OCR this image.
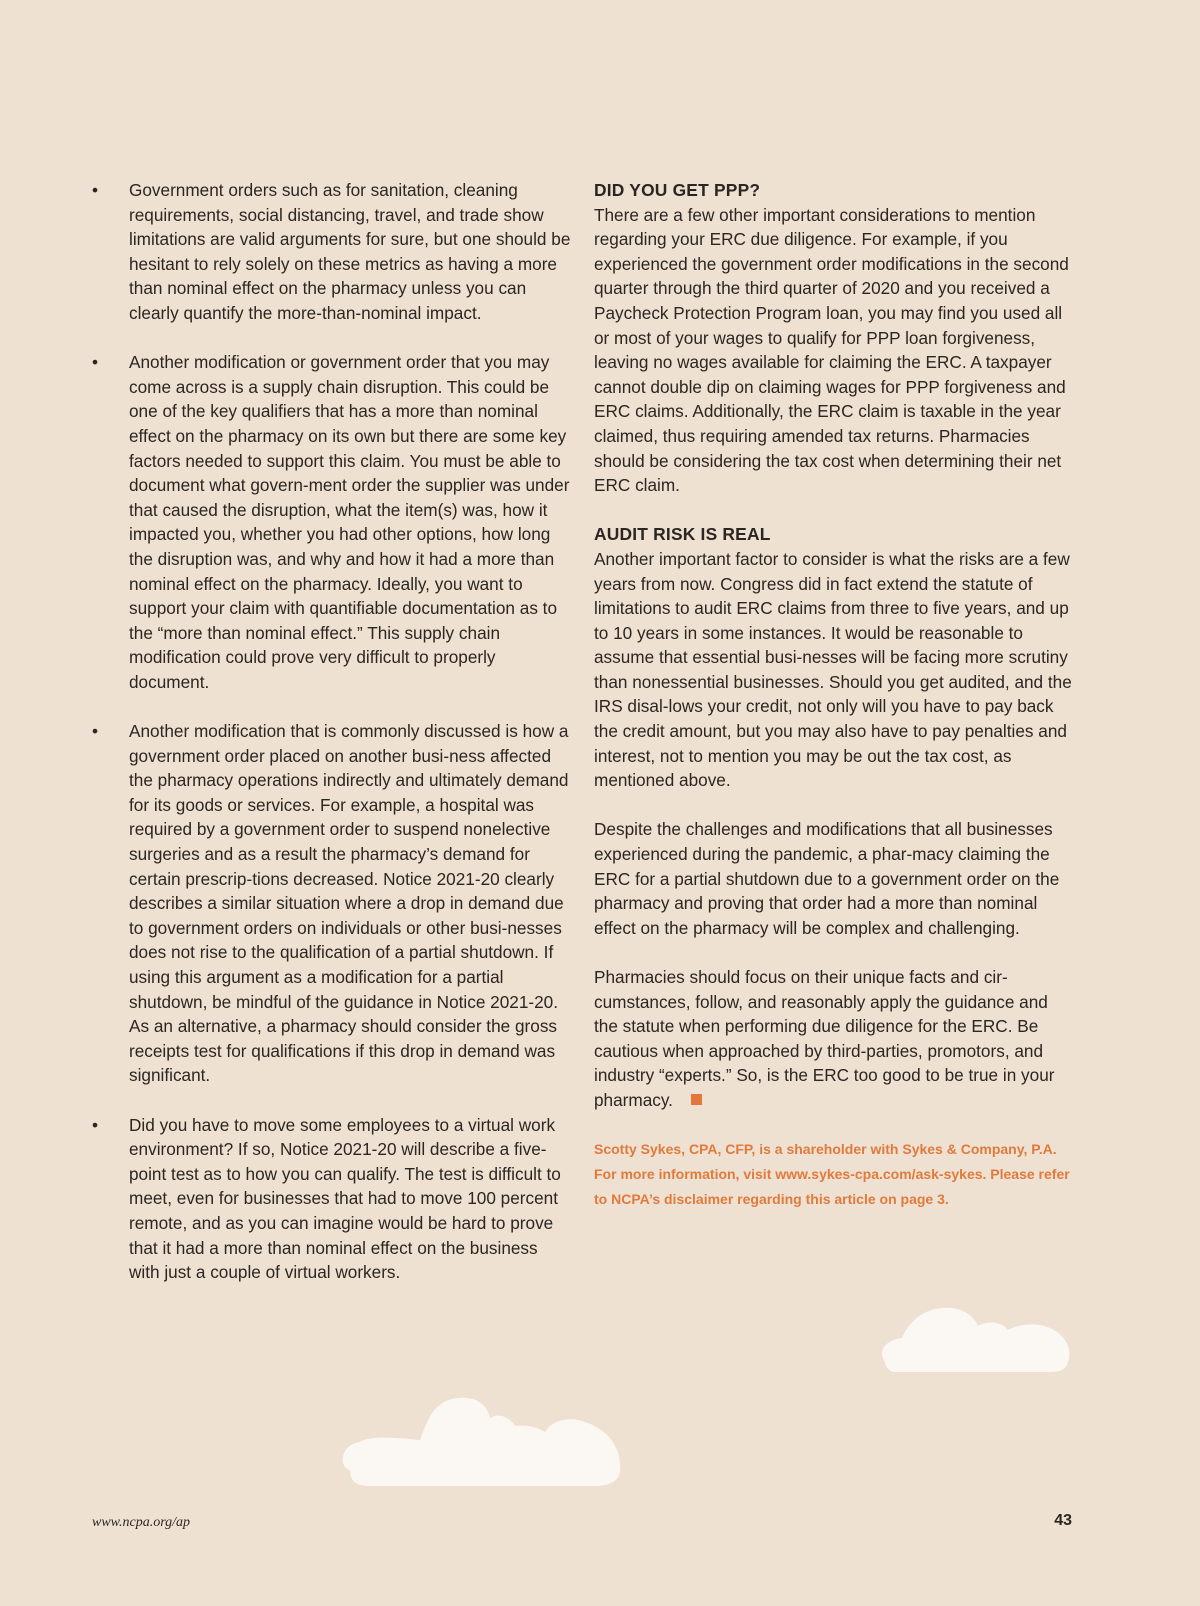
•	Government orders such as for sanitation, cleaning requirements, social distancing, travel, and trade show limitations are valid arguments for sure, but one should be hesitant to rely solely on these metrics as having a more than nominal effect on the pharmacy unless you can clearly quantify the more-than-nominal impact.
•	Another modification or government order that you may come across is a supply chain disruption. This could be one of the key qualifiers that has a more than nominal effect on the pharmacy on its own but there are some key factors needed to support this claim. You must be able to document what govern-ment order the supplier was under that caused the disruption, what the item(s) was, how it impacted you, whether you had other options, how long the disruption was, and why and how it had a more than nominal effect on the pharmacy. Ideally, you want to support your claim with quantifiable documentation as to the “more than nominal effect.” This supply chain modification could prove very difficult to properly document.
•	Another modification that is commonly discussed is how a government order placed on another busi-ness affected the pharmacy operations indirectly and ultimately demand for its goods or services. For example, a hospital was required by a government order to suspend nonelective surgeries and as a result the pharmacy’s demand for certain prescrip-tions decreased. Notice 2021-20 clearly describes a similar situation where a drop in demand due to government orders on individuals or other busi-nesses does not rise to the qualification of a partial shutdown. If using this argument as a modification for a partial shutdown, be mindful of the guidance in Notice 2021-20. As an alternative, a pharmacy should consider the gross receipts test for qualifications if this drop in demand was significant.
•	Did you have to move some employees to a virtual work environment? If so, Notice 2021-20 will describe a five-point test as to how you can qualify. The test is difficult to meet, even for businesses that had to move 100 percent remote, and as you can imagine would be hard to prove that it had a more than nominal effect on the business with just a couple of virtual workers.
DID YOU GET PPP?

There are a few other important considerations to mention regarding your ERC due diligence. For example, if you experienced the government order modifications in the second quarter through the third quarter of 2020 and you received a Paycheck Protection Program loan, you may find you used all or most of your wages to qualify for PPP loan forgiveness, leaving no wages available for claiming the ERC. A taxpayer cannot double dip on claiming wages for PPP forgiveness and ERC claims. Additionally, the ERC claim is taxable in the year claimed, thus requiring amended tax returns. Pharmacies should be considering the tax cost when determining their net ERC claim.

AUDIT RISK IS REAL

Another important factor to consider is what the risks are a few years from now. Congress did in fact extend the statute of limitations to audit ERC claims from three to five years, and up to 10 years in some instances. It would be reasonable to assume that essential busi-nesses will be facing more scrutiny than nonessential businesses. Should you get audited, and the IRS disal-lows your credit, not only will you have to pay back the credit amount, but you may also have to pay penalties and interest, not to mention you may be out the tax cost, as mentioned above.

Despite the challenges and modifications that all businesses experienced during the pandemic, a phar-macy claiming the ERC for a partial shutdown due to a government order on the pharmacy and proving that order had a more than nominal effect on the pharmacy will be complex and challenging.

Pharmacies should focus on their unique facts and cir-cumstances, follow, and reasonably apply the guidance and the statute when performing due diligence for the ERC. Be cautious when approached by third-parties, promotors, and industry “experts.” So, is the ERC too good to be true in your pharmacy.

Scotty Sykes, CPA, CFP, is a shareholder with Sykes & Company, P.A. For more information, visit www.sykes-cpa.com/ask-sykes. Please refer to NCPA’s disclaimer regarding this article on page 3.
www.ncpa.org/ap	43
